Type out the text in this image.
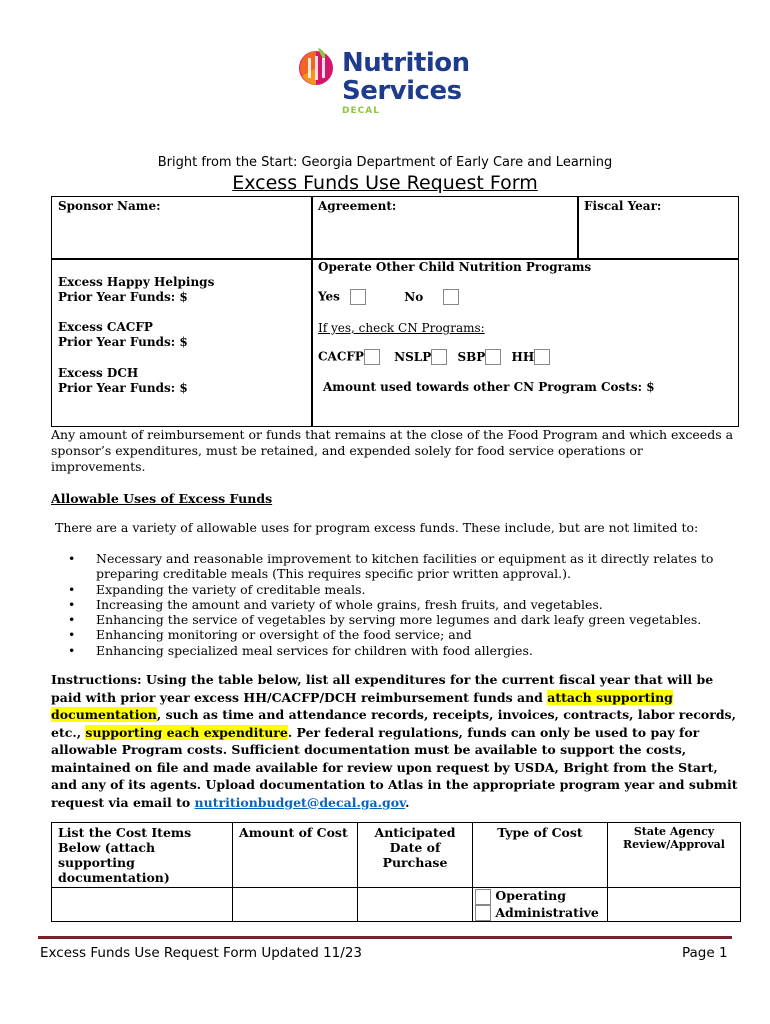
Nutrition
Services
DECAL
Bright from the Start: Georgia Department of Early Care and Learning
Excess Funds Use Request Form
Sponsor Name:	Agreement:	Fiscal Year:
Excess Happy Helpings
Prior Year Funds: $
Excess CACFP
Prior Year Funds: $
Excess DCH
Prior Year Funds: $
Operate Other Child Nutrition Programs
Yes	No
If yes, check CN Programs:
CACFP	NSLP SBP HH
Amount used towards other CN Program Costs: $
Any amount of reimbursement or funds that remains at the close of the Food Program and which exceeds a sponsor’s expenditures, must be retained, and expended solely for food service operations or improvements.
Allowable Uses of Excess Funds
There are a variety of allowable uses for program excess funds. These include, but are not limited to:
• Necessary and reasonable improvement to kitchen facilities or equipment as it directly relates to preparing creditable meals (This requires specific prior written approval.).
• Expanding the variety of creditable meals.
• Increasing the amount and variety of whole grains, fresh fruits, and vegetables.
• Enhancing the service of vegetables by serving more legumes and dark leafy green vegetables.
• Enhancing monitoring or oversight of the food service; and
• Enhancing specialized meal services for children with food allergies.
Instructions: Using the table below, list all expenditures for the current fiscal year that will be paid with prior year excess HH/CACFP/DCH reimbursement funds and attach supporting documentation, such as time and attendance records, receipts, invoices, contracts, labor records, etc., supporting each expenditure. Per federal regulations, funds can only be used to pay for allowable Program costs. Sufficient documentation must be available to support the costs, maintained on file and made available for review upon request by USDA, Bright from the Start, and any of its agents. Upload documentation to Atlas in the appropriate program year and submit request via email to nutritionbudget@decal.ga.gov.
List the Cost Items Below (attach supporting documentation)	Amount of Cost	Anticipated Date of Purchase	Type of Cost	State Agency Review/Approval

			Operating
Administrative	

Excess Funds Use Request Form Updated 11/23	Page 1
